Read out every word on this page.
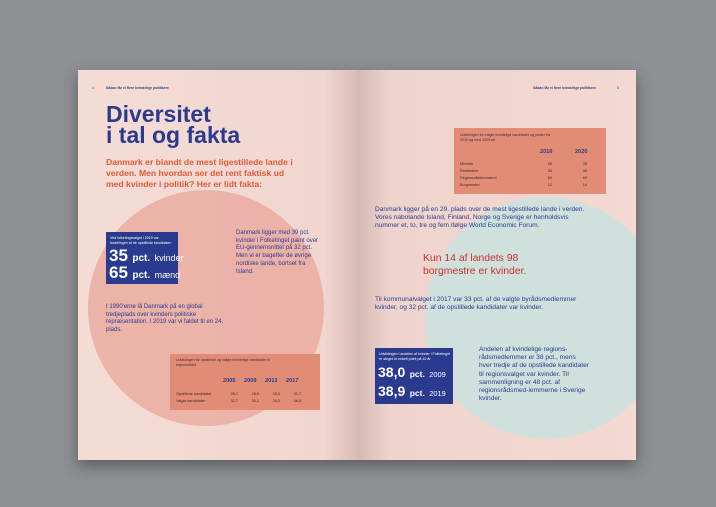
4	Sådan får vi flere kvindelige politikere
Diversitet
i tal og fakta

Danmark er blandt de mest ligestillede lande i verden. Men hvordan ser det rent faktisk ud med kvinder i politik? Her er lidt fakta:

Ved folketingsvalget i 2019 var fordelingen af de opstillede kandidater:
35 pct. kvinder
65 pct. mænd

Danmark ligger med 39 pct. kvinder i Folketinget pænt over EU-gennemsnittet på 32 pct. Men vi er bagefter de øvrige nordiske lande, bortset fra Island.

I 1990'erne lå Danmark på en global tredjeplads over kvinders politiske repræsentation. I 2019 var vi faldet til en 24. plads.

Udviklingen for opstillede og valgte kvindelige kandidater til regionsrådet
2005 2009 2013 2017
Opstillede kandidater	28,1	28,6	28,0	31,7
Valgte kandidater	32,7	35,1	39,3	38,0
Sådan får vi flere kvindelige politikere	5
Udviklingen for valgte kvindelige kandidater og poster fra 2016 og med 2020 tal
2016	2020
Ministre	26	35
Partiledere	33	40
Regionsrådsformænd	60	60
Borgmestre	12	14

Danmark ligger på en 29. plads over de mest ligestillede lande i verden. Vores nabolande Island, Finland, Norge og Sverige er henholdsvis nummer et, to, tre og fem ifølge World Economic Forum.

Kun 14 af landets 98 borgmestre er kvinder.

Til kommunalvalget i 2017 var 33 pct. af de valgte byrådsmedlemmer kvinder, og 32 pct. af de opstillede kandidater var kvinder.

Udviklingen i andelen af kvinder i Folketinget er steget et enkelt point på 10 år
38,0 pct. 2009
38,9 pct. 2019

Andelen af kvindelige regions-rådsmedlemmer er 38 pct., mens hver tredje af de opstillede kandidater til regionsvalget var kvinder. Til sammenligning er 48 pct. af regionsrådsmed-lemmerne i Sverige kvinder.
